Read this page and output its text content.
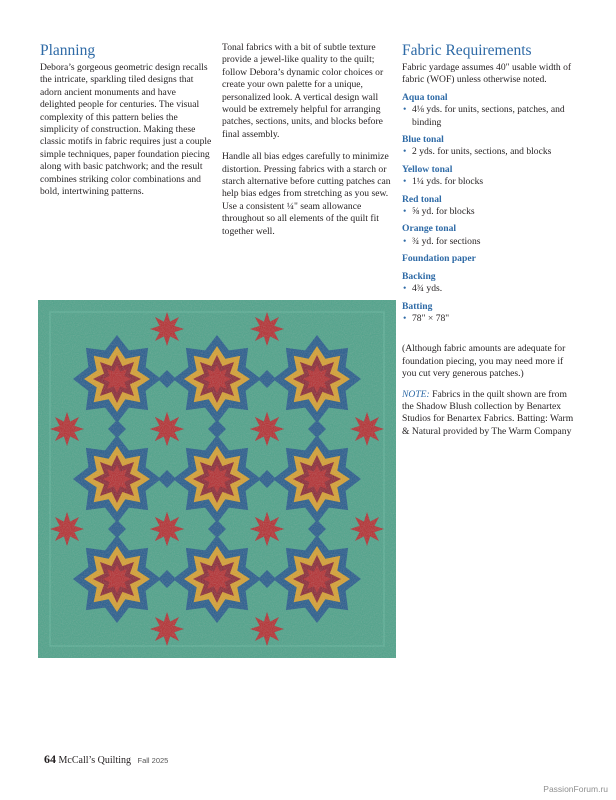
Planning

Debora’s gorgeous geometric design recalls the intricate, sparkling tiled designs that adorn ancient monuments and have delighted people for centuries. The visual complexity of this pattern belies the simplicity of construction. Making these classic motifs in fabric requires just a couple simple techniques, paper foundation piecing along with basic patchwork; and the result combines striking color combinations and bold, intertwining patterns.

Tonal fabrics with a bit of subtle texture provide a jewel-like quality to the quilt; follow Debora’s dynamic color choices or create your own palette for a unique, personalized look. A vertical design wall would be extremely helpful for arranging patches, sections, units, and blocks before final assembly.

Handle all bias edges carefully to minimize distortion. Pressing fabrics with a starch or starch alternative before cutting patches can help bias edges from stretching as you sew. Use a consistent ¼" seam allowance throughout so all elements of the quilt fit together well.

Fabric Requirements

Fabric yardage assumes 40" usable width of fabric (WOF) unless otherwise noted.

Aqua tonal
• 4⅛ yds. for units, sections, patches, and binding
Blue tonal
• 2 yds. for units, sections, and blocks
Yellow tonal
• 1¼ yds. for blocks
Red tonal
• ⅝ yd. for blocks
Orange tonal
• ¾ yd. for sections
Foundation paper
Backing
• 4¾ yds.
Batting
• 78" × 78"

(Although fabric amounts are adequate for foundation piecing, you may need more if you cut very generous patches.)

NOTE: Fabrics in the quilt shown are from the Shadow Blush collection by Benartex Studios for Benartex Fabrics. Batting: Warm & Natural provided by The Warm Company

64 McCall’s Quilting Fall 2025
PassionForum.ru
